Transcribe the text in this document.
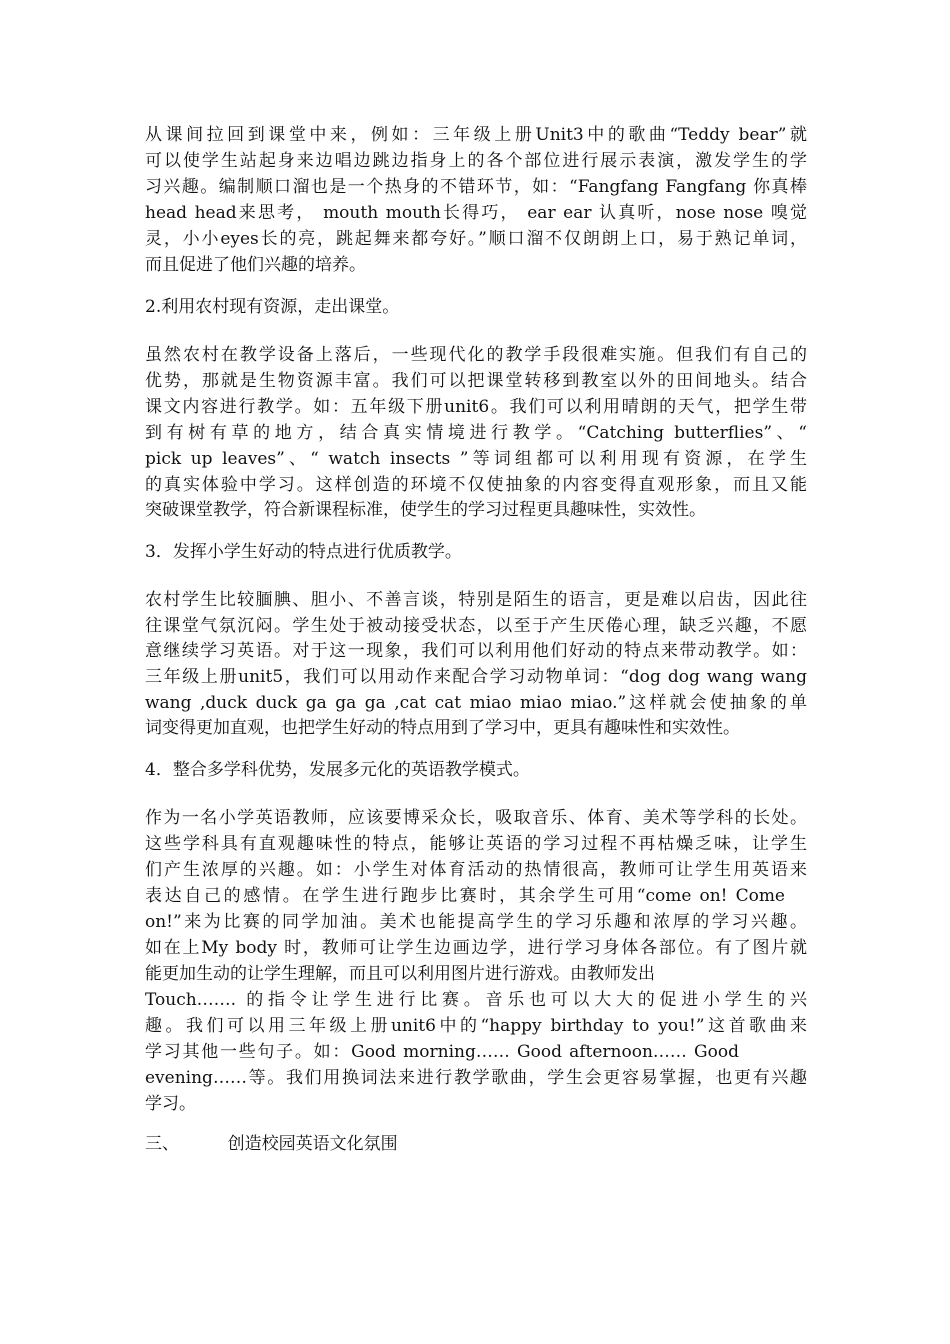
从课间拉回到课堂中来，例如：三年级上册Unit3中的歌曲“Teddy bear”就
可以使学生站起身来边唱边跳边指身上的各个部位进行展示表演，激发学生的学
习兴趣。编制顺口溜也是一个热身的不错环节，如：“Fangfang Fangfang 你真棒
head head来思考， mouth mouth长得巧， ear ear 认真听，nose nose 嗅觉
灵，小小eyes长的亮，跳起舞来都夸好。”顺口溜不仅朗朗上口，易于熟记单词，
而且促进了他们兴趣的培养。
2.利用农村现有资源，走出课堂。
虽然农村在教学设备上落后，一些现代化的教学手段很难实施。但我们有自己的
优势，那就是生物资源丰富。我们可以把课堂转移到教室以外的田间地头。结合
课文内容进行教学。如：五年级下册unit6。我们可以利用晴朗的天气，把学生带
到有树有草的地方，结合真实情境进行教学。“Catching butterflies”、“
pick up leaves”、“ watch insects ”等词组都可以利用现有资源，在学生
的真实体验中学习。这样创造的环境不仅使抽象的内容变得直观形象，而且又能
突破课堂教学，符合新课程标准，使学生的学习过程更具趣味性，实效性。
3．发挥小学生好动的特点进行优质教学。
农村学生比较腼腆、胆小、不善言谈，特别是陌生的语言，更是难以启齿，因此往
往课堂气氛沉闷。学生处于被动接受状态，以至于产生厌倦心理，缺乏兴趣，不愿
意继续学习英语。对于这一现象，我们可以利用他们好动的特点来带动教学。如：
三年级上册unit5，我们可以用动作来配合学习动物单词：“dog dog wang wang
wang ,duck duck ga ga ga ,cat cat miao miao miao.”这样就会使抽象的单
词变得更加直观，也把学生好动的特点用到了学习中，更具有趣味性和实效性。
4．整合多学科优势，发展多元化的英语教学模式。
作为一名小学英语教师，应该要博采众长，吸取音乐、体育、美术等学科的长处。
这些学科具有直观趣味性的特点，能够让英语的学习过程不再枯燥乏味，让学生
们产生浓厚的兴趣。如：小学生对体育活动的热情很高，教师可让学生用英语来
表达自己的感情。在学生进行跑步比赛时，其余学生可用“come on! Come
on!”来为比赛的同学加油。美术也能提高学生的学习乐趣和浓厚的学习兴趣。
如在上My body 时，教师可让学生边画边学，进行学习身体各部位。有了图片就
能更加生动的让学生理解，而且可以利用图片进行游戏。由教师发出
Touch……. 的指令让学生进行比赛。音乐也可以大大的促进小学生的兴
趣。我们可以用三年级上册unit6中的“happy birthday to you!”这首歌曲来
学习其他一些句子。如：Good morning…… Good afternoon…… Good
evening……等。我们用换词法来进行教学歌曲，学生会更容易掌握，也更有兴趣
学习。
三、         创造校园英语文化氛围
